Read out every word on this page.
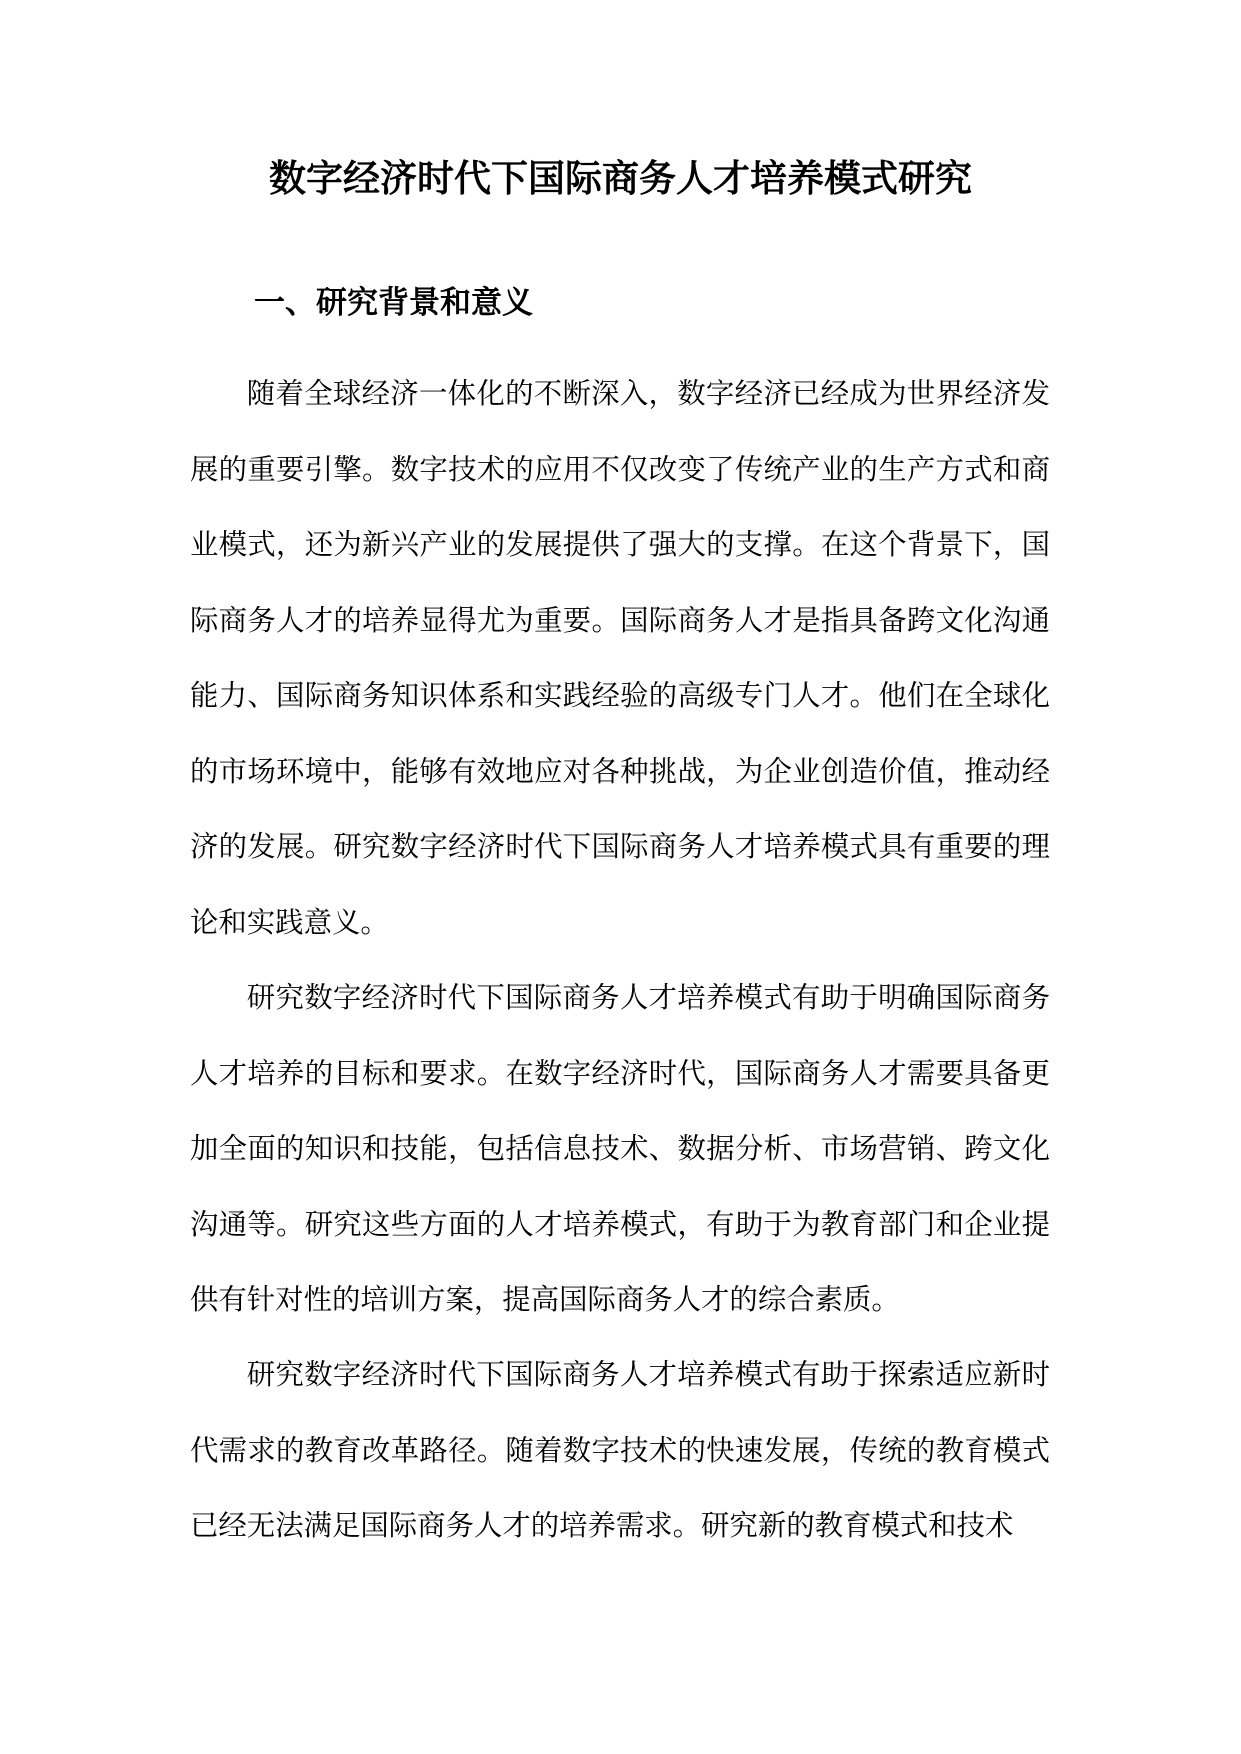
数字经济时代下国际商务人才培养模式研究
一、研究背景和意义

随着全球经济一体化的不断深入，数字经济已经成为世界经济发展的重要引擎。数字技术的应用不仅改变了传统产业的生产方式和商业模式，还为新兴产业的发展提供了强大的支撑。在这个背景下，国际商务人才的培养显得尤为重要。国际商务人才是指具备跨文化沟通能力、国际商务知识体系和实践经验的高级专门人才。他们在全球化的市场环境中，能够有效地应对各种挑战，为企业创造价值，推动经济的发展。研究数字经济时代下国际商务人才培养模式具有重要的理论和实践意义。

研究数字经济时代下国际商务人才培养模式有助于明确国际商务人才培养的目标和要求。在数字经济时代，国际商务人才需要具备更加全面的知识和技能，包括信息技术、数据分析、市场营销、跨文化沟通等。研究这些方面的人才培养模式，有助于为教育部门和企业提供有针对性的培训方案，提高国际商务人才的综合素质。

研究数字经济时代下国际商务人才培养模式有助于探索适应新时代需求的教育改革路径。随着数字技术的快速发展，传统的教育模式已经无法满足国际商务人才的培养需求。研究新的教育模式和技术
